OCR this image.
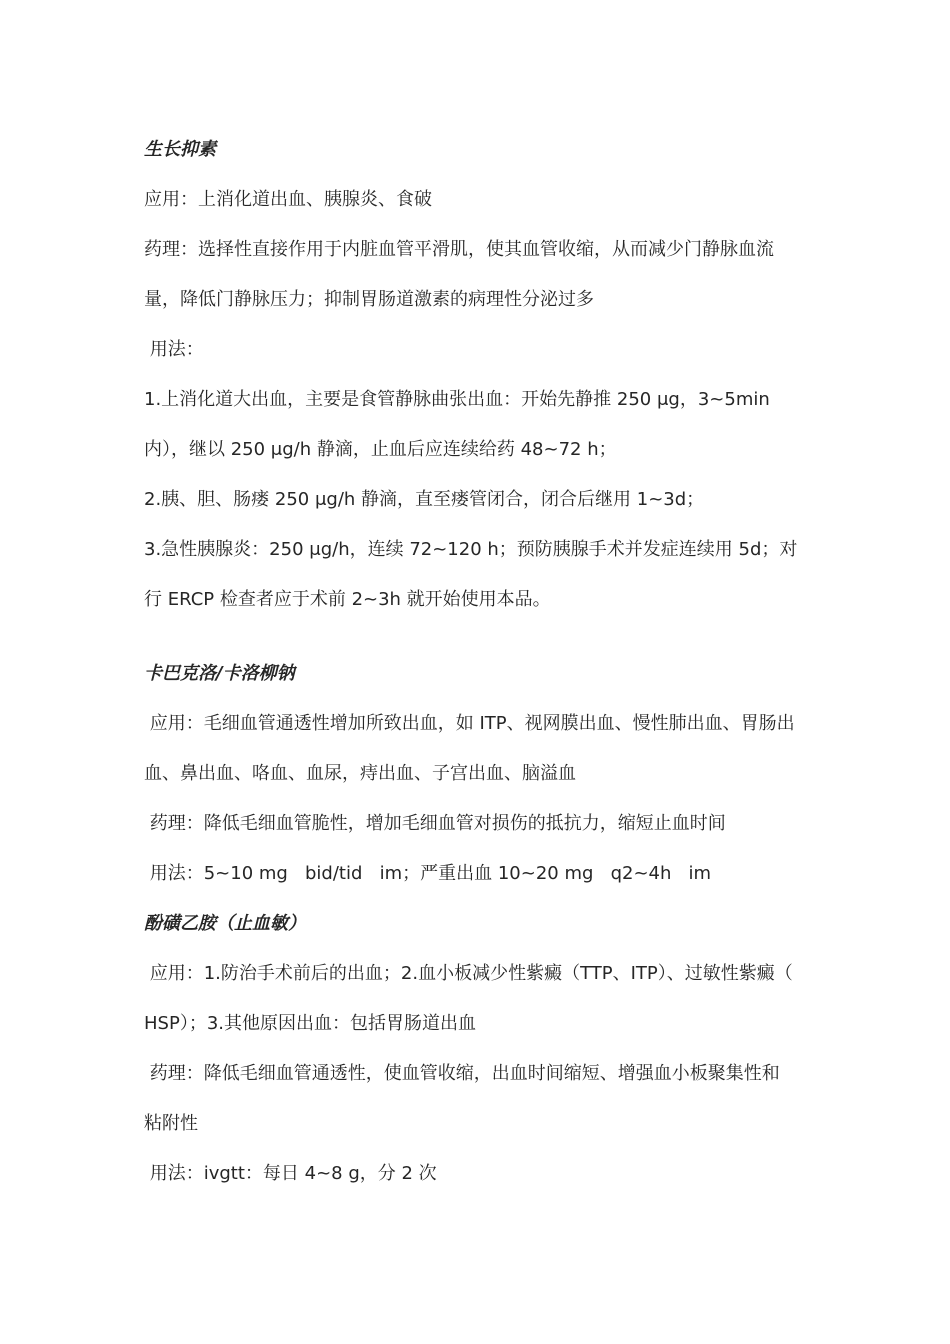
生长抑素
应用：上消化道出血、胰腺炎、食破
药理：选择性直接作用于内脏血管平滑肌，使其血管收缩，从而减少门静脉血流
量，降低门静脉压力；抑制胃肠道激素的病理性分泌过多
用法：
1.上消化道大出血，主要是食管静脉曲张出血：开始先静推 250 μg，3~5min
内），继以 250 μg/h 静滴，止血后应连续给药 48~72 h；
2.胰、胆、肠瘘 250 μg/h 静滴，直至瘘管闭合，闭合后继用 1~3d；
3.急性胰腺炎：250 μg/h，连续 72~120 h；预防胰腺手术并发症连续用 5d；对
行 ERCP 检查者应于术前 2~3h 就开始使用本品。
卡巴克洛/卡洛柳钠
应用：毛细血管通透性增加所致出血，如 ITP、视网膜出血、慢性肺出血、胃肠出
血、鼻出血、咯血、血尿，痔出血、子宫出血、脑溢血
药理：降低毛细血管脆性，增加毛细血管对损伤的抵抗力，缩短止血时间
用法：5~10 mg   bid/tid   im；严重出血 10~20 mg   q2~4h   im
酚磺乙胺（止血敏）
应用：1.防治手术前后的出血；2.血小板减少性紫癜（TTP、ITP）、过敏性紫癜（
HSP）；3.其他原因出血：包括胃肠道出血
药理：降低毛细血管通透性，使血管收缩，出血时间缩短、增强血小板聚集性和
粘附性
用法：ivgtt：每日 4~8 g，分 2 次
